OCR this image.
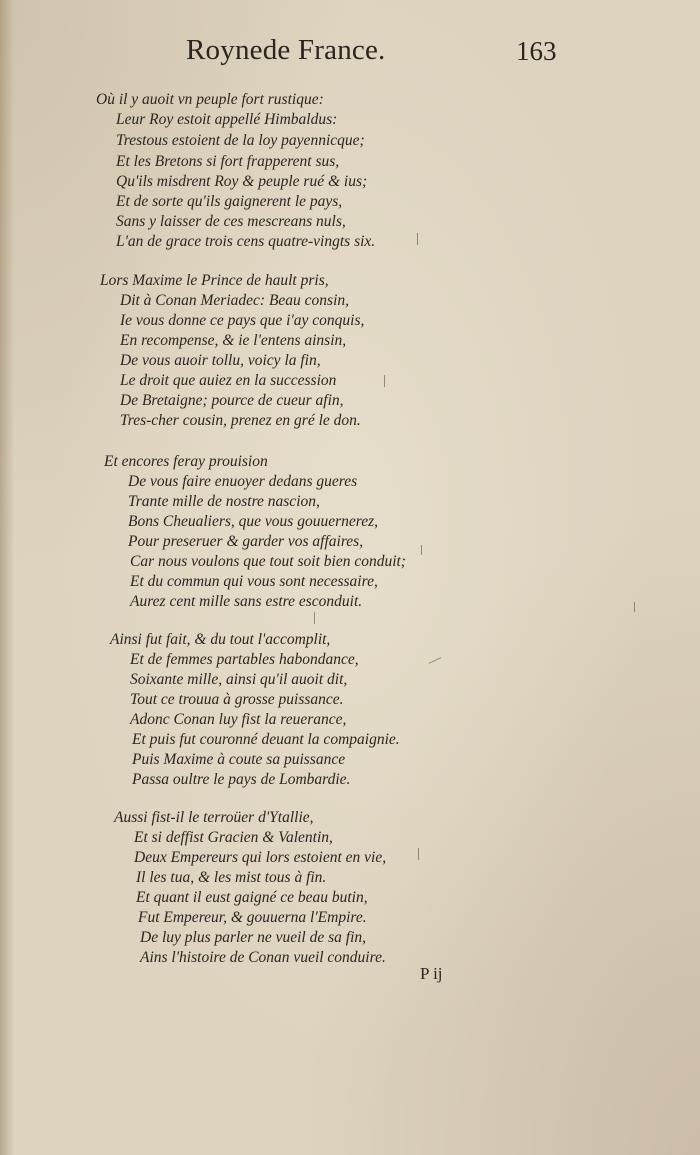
Roynede France.	163
Où il y auoit vn peuple fort rustique:
Leur Roy estoit appellé Himbaldus:
Trestous estoient de la loy payennicque;
Et les Bretons si fort frapperent sus,
Qu'ils misdrent Roy & peuple rué & ius;
Et de sorte qu'ils gaignerent le pays,
Sans y laisser de ces mescreans nuls,
L'an de grace trois cens quatre-vingts six.
Lors Maxime le Prince de hault pris,
Dit à Conan Meriadec: Beau consin,
Ie vous donne ce pays que i'ay conquis,
En recompense, & ie l'entens ainsin,
De vous auoir tollu, voicy la fin,
Le droit que auiez en la succession
De Bretaigne; pource de cueur afin,
Tres-cher cousin, prenez en gré le don.
Et encores feray prouision
De vous faire enuoyer dedans gueres
Trante mille de nostre nascion,
Bons Cheualiers, que vous gouuernerez,
Pour preseruer & garder vos affaires,
Car nous voulons que tout soit bien conduit;
Et du commun qui vous sont necessaire,
Aurez cent mille sans estre esconduit.
Ainsi fut fait, & du tout l'accomplit,
Et de femmes partables habondance,
Soixante mille, ainsi qu'il auoit dit,
Tout ce trouua à grosse puissance.
Adonc Conan luy fist la reuerance,
Et puis fut couronné deuant la compaignie.
Puis Maxime à coute sa puissance
Passa oultre le pays de Lombardie.
Aussi fist-il le terroüer d'Ytallie,
Et si deffist Gracien & Valentin,
Deux Empereurs qui lors estoient en vie,
Il les tua, & les mist tous à fin.
Et quant il eust gaigné ce beau butin,
Fut Empereur, & gouuerna l'Empire.
De luy plus parler ne vueil de sa fin,
Ains l'histoire de Conan vueil conduire.
P ij
